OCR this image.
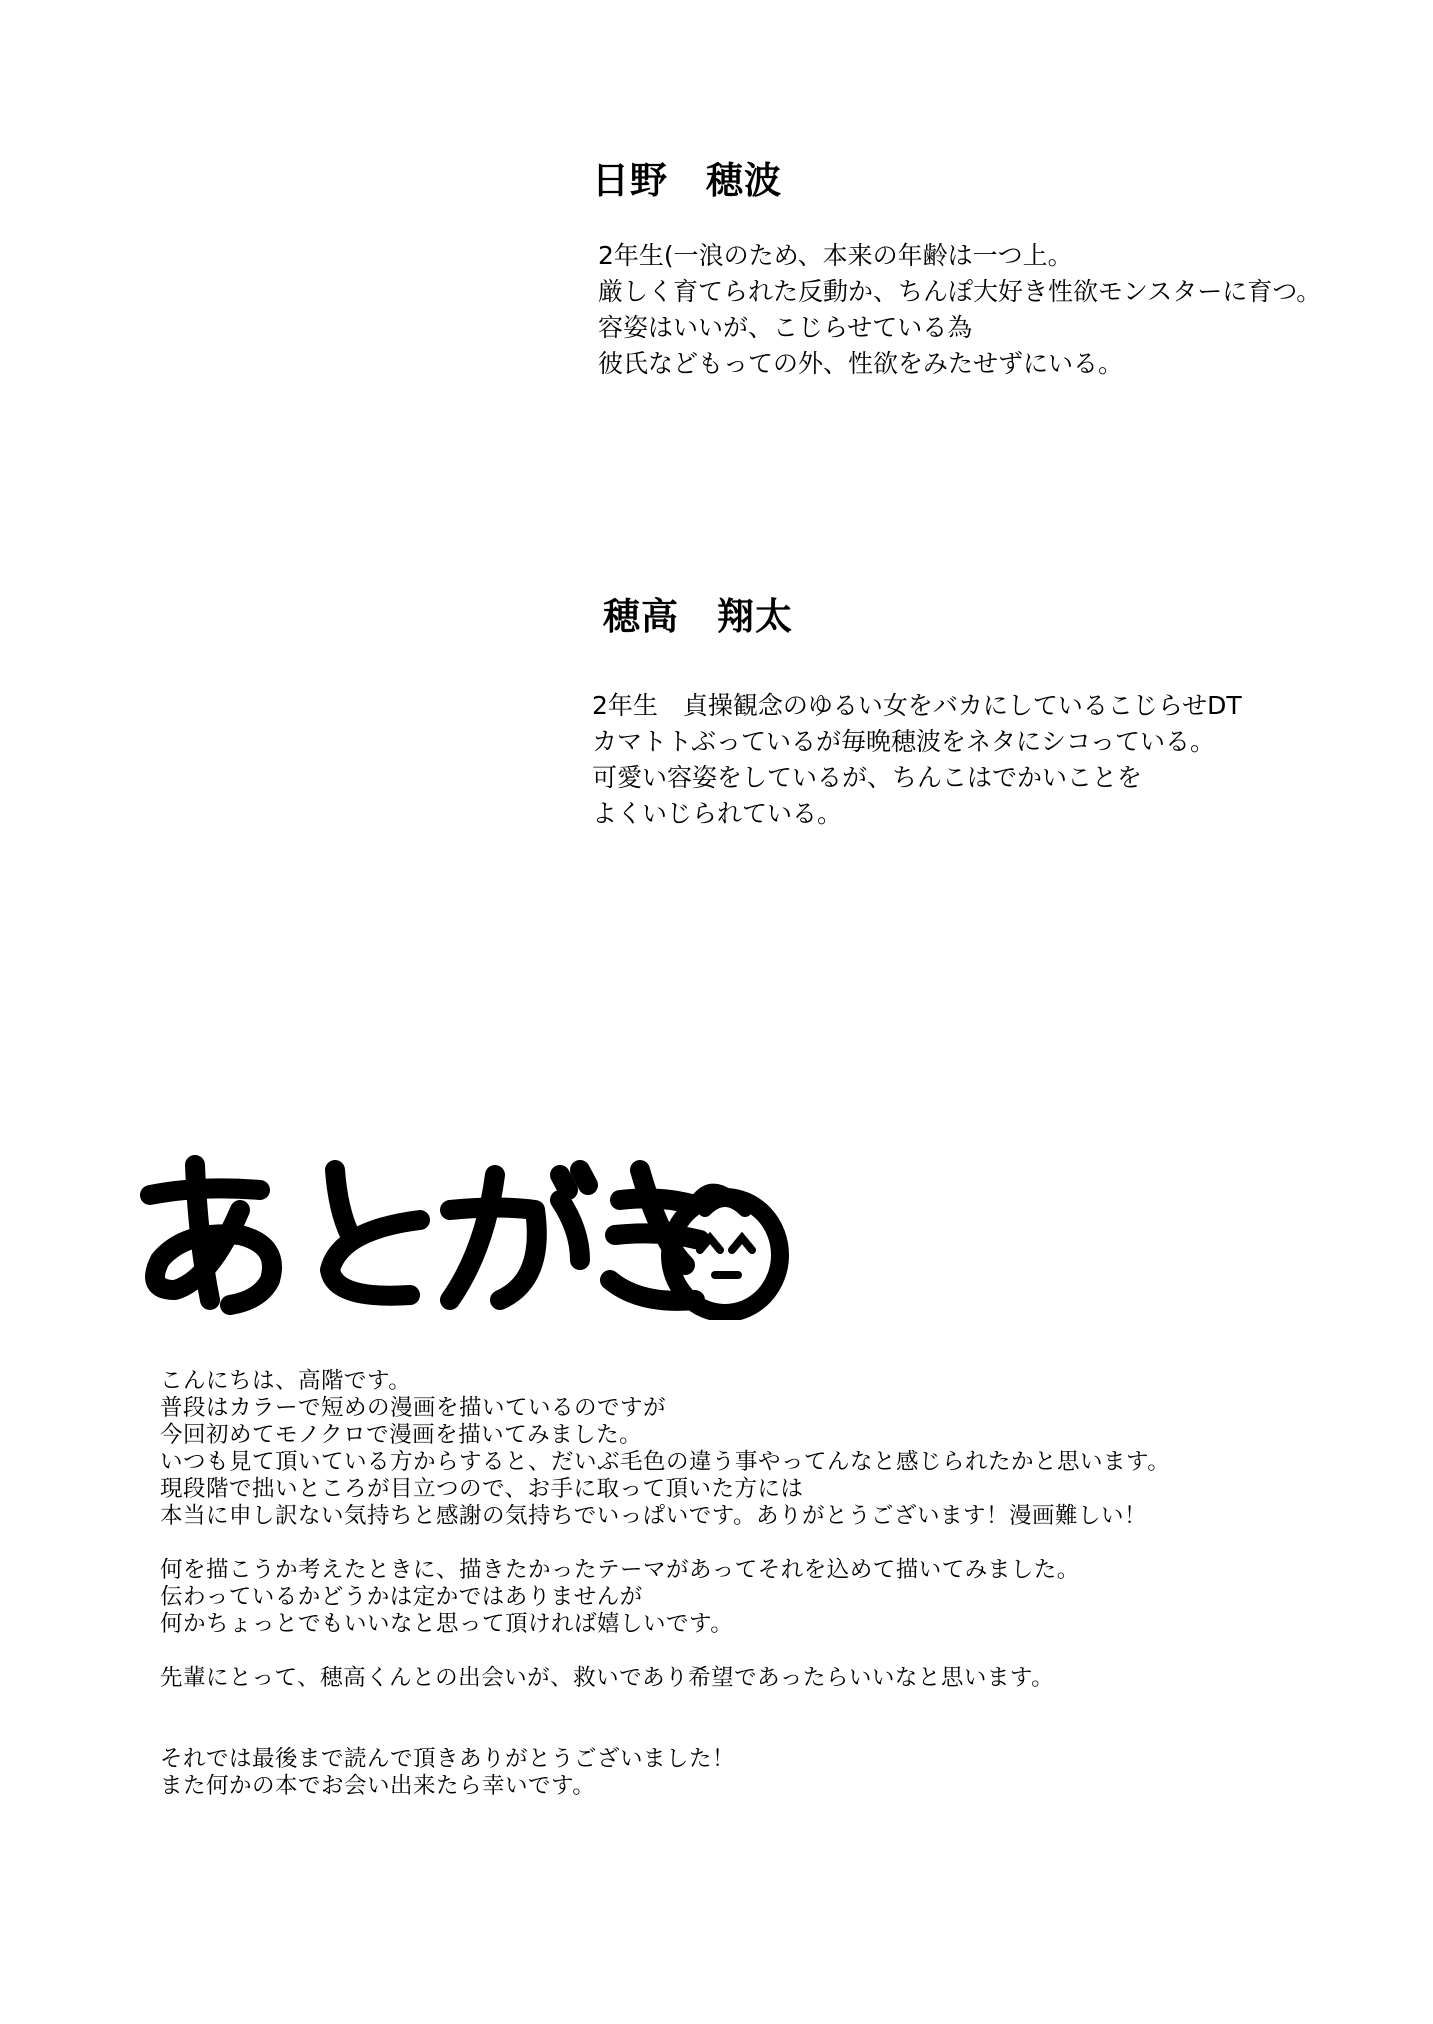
日野　穂波
2年生(一浪のため、本来の年齢は一つ上。
厳しく育てられた反動か、ちんぽ大好き性欲モンスターに育つ。
容姿はいいが、こじらせている為
彼氏などもっての外、性欲をみたせずにいる。
穂高　翔太
2年生　貞操観念のゆるい女をバカにしているこじらせDT
カマトトぶっているが毎晩穂波をネタにシコっている。
可愛い容姿をしているが、ちんこはでかいことを
よくいじられている。
こんにちは、高階です。
普段はカラーで短めの漫画を描いているのですが
今回初めてモノクロで漫画を描いてみました。
いつも見て頂いている方からすると、だいぶ毛色の違う事やってんなと感じられたかと思います。
現段階で拙いところが目立つので、お手に取って頂いた方には
本当に申し訳ない気持ちと感謝の気持ちでいっぱいです。ありがとうございます！漫画難しい！
何を描こうか考えたときに、描きたかったテーマがあってそれを込めて描いてみました。
伝わっているかどうかは定かではありませんが
何かちょっとでもいいなと思って頂ければ嬉しいです。
先輩にとって、穂高くんとの出会いが、救いであり希望であったらいいなと思います。
それでは最後まで読んで頂きありがとうございました！
また何かの本でお会い出来たら幸いです。
